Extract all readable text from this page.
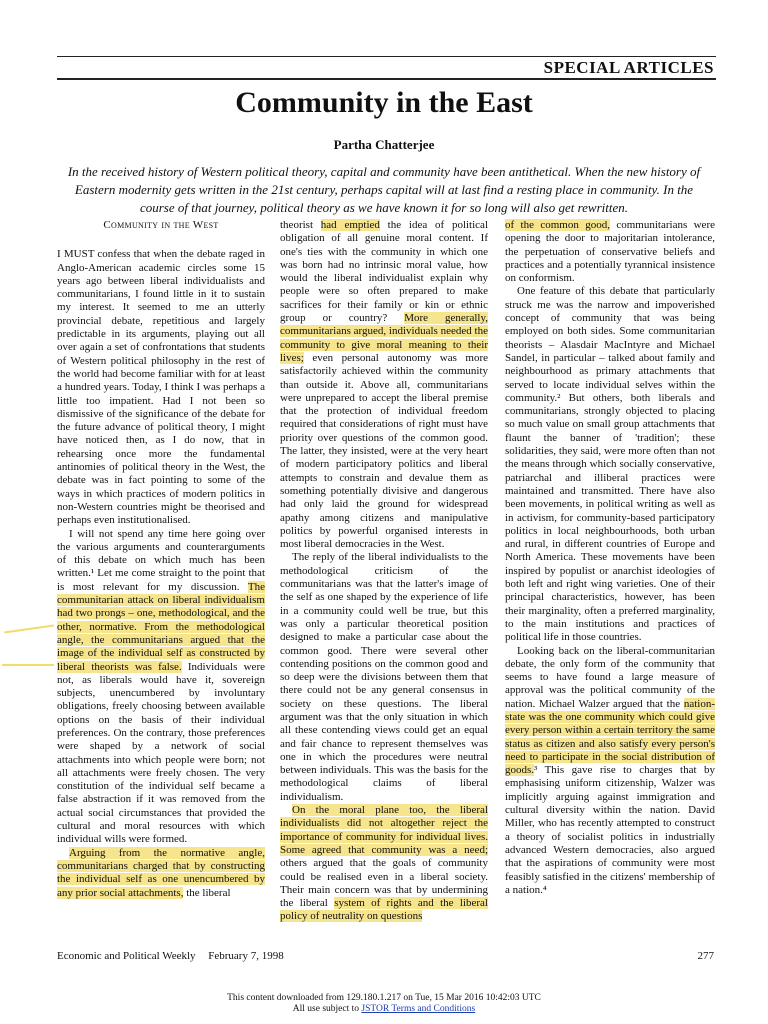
SPECIAL ARTICLES
Community in the East
Partha Chatterjee
In the received history of Western political theory, capital and community have been antithetical. When the new history of Eastern modernity gets written in the 21st century, perhaps capital will at last find a resting place in community. In the course of that journey, political theory as we have known it for so long will also get rewritten.
Community in the West

I MUST confess that when the debate raged in Anglo-American academic circles some 15 years ago between liberal individualists and communitarians, I found little in it to sustain my interest. It seemed to me an utterly provincial debate, repetitious and largely predictable in its arguments, playing out all over again a set of confrontations that students of Western political philosophy in the rest of the world had become familiar with for at least a hundred years. Today, I think I was perhaps a little too impatient. Had I not been so dismissive of the significance of the debate for the future advance of political theory, I might have noticed then, as I do now, that in rehearsing once more the fundamental antinomies of political theory in the West, the debate was in fact pointing to some of the ways in which practices of modern politics in non-Western countries might be theorised and perhaps even institutionalised.

I will not spend any time here going over the various arguments and counterarguments of this debate on which much has been written.¹ Let me come straight to the point that is most relevant for my discussion. The communitarian attack on liberal individualism had two prongs – one, methodological, and the other, normative. From the methodological angle, the communitarians argued that the image of the individual self as constructed by liberal theorists was false. Individuals were not, as liberals would have it, sovereign subjects, unencumbered by involuntary obligations, freely choosing between available options on the basis of their individual preferences. On the contrary, those preferences were shaped by a network of social attachments into which people were born; not all attachments were freely chosen. The very constitution of the individual self became a false abstraction if it was removed from the actual social circumstances that provided the cultural and moral resources with which individual wills were formed.

Arguing from the normative angle, communitarians charged that by constructing the individual self as one unencumbered by any prior social attachments, the liberal

theorist had emptied the idea of political obligation of all genuine moral content. If one's ties with the community in which one was born had no intrinsic moral value, how would the liberal individualist explain why people were so often prepared to make sacrifices for their family or kin or ethnic group or country? More generally, communitarians argued, individuals needed the community to give moral meaning to their lives; even personal autonomy was more satisfactorily achieved within the community than outside it. Above all, communitarians were unprepared to accept the liberal premise that the protection of individual freedom required that considerations of right must have priority over questions of the common good. The latter, they insisted, were at the very heart of modern participatory politics and liberal attempts to constrain and devalue them as something potentially divisive and dangerous had only laid the ground for widespread apathy among citizens and manipulative politics by powerful organised interests in most liberal democracies in the West.

The reply of the liberal individualists to the methodological criticism of the communitarians was that the latter's image of the self as one shaped by the experience of life in a community could well be true, but this was only a particular theoretical position designed to make a particular case about the common good. There were several other contending positions on the common good and so deep were the divisions between them that there could not be any general consensus in society on these questions. The liberal argument was that the only situation in which all these contending views could get an equal and fair chance to represent themselves was one in which the procedures were neutral between individuals. This was the basis for the methodological claims of liberal individualism.

On the moral plane too, the liberal individualists did not altogether reject the importance of community for individual lives. Some agreed that community was a need; others argued that the goals of community could be realised even in a liberal society. Their main concern was that by undermining the liberal system of rights and the liberal policy of neutrality on questions

of the common good, communitarians were opening the door to majoritarian intolerance, the perpetuation of conservative beliefs and practices and a potentially tyrannical insistence on conformism.

One feature of this debate that particularly struck me was the narrow and impoverished concept of community that was being employed on both sides. Some communitarian theorists – Alasdair MacIntyre and Michael Sandel, in particular – talked about family and neighbourhood as primary attachments that served to locate individual selves within the community.² But others, both liberals and communitarians, strongly objected to placing so much value on small group attachments that flaunt the banner of 'tradition'; these solidarities, they said, were more often than not the means through which socially conservative, patriarchal and illiberal practices were maintained and transmitted. There have also been movements, in political writing as well as in activism, for community-based participatory politics in local neighbourhoods, both urban and rural, in different countries of Europe and North America. These movements have been inspired by populist or anarchist ideologies of both left and right wing varieties. One of their principal characteristics, however, has been their marginality, often a preferred marginality, to the main institutions and practices of political life in those countries.

Looking back on the liberal-communitarian debate, the only form of the community that seems to have found a large measure of approval was the political community of the nation. Michael Walzer argued that the nation-state was the one community which could give every person within a certain territory the same status as citizen and also satisfy every person's need to participate in the social distribution of goods.³ This gave rise to charges that by emphasising uniform citizenship, Walzer was implicitly arguing against immigration and cultural diversity within the nation. David Miller, who has recently attempted to construct a theory of socialist politics in industrially advanced Western democracies, also argued that the aspirations of community were most feasibly satisfied in the citizens' membership of a nation.⁴

Economic and Political Weekly February 7, 1998	277
This content downloaded from 129.180.1.217 on Tue, 15 Mar 2016 10:42:03 UTC
All use subject to JSTOR Terms and Conditions
